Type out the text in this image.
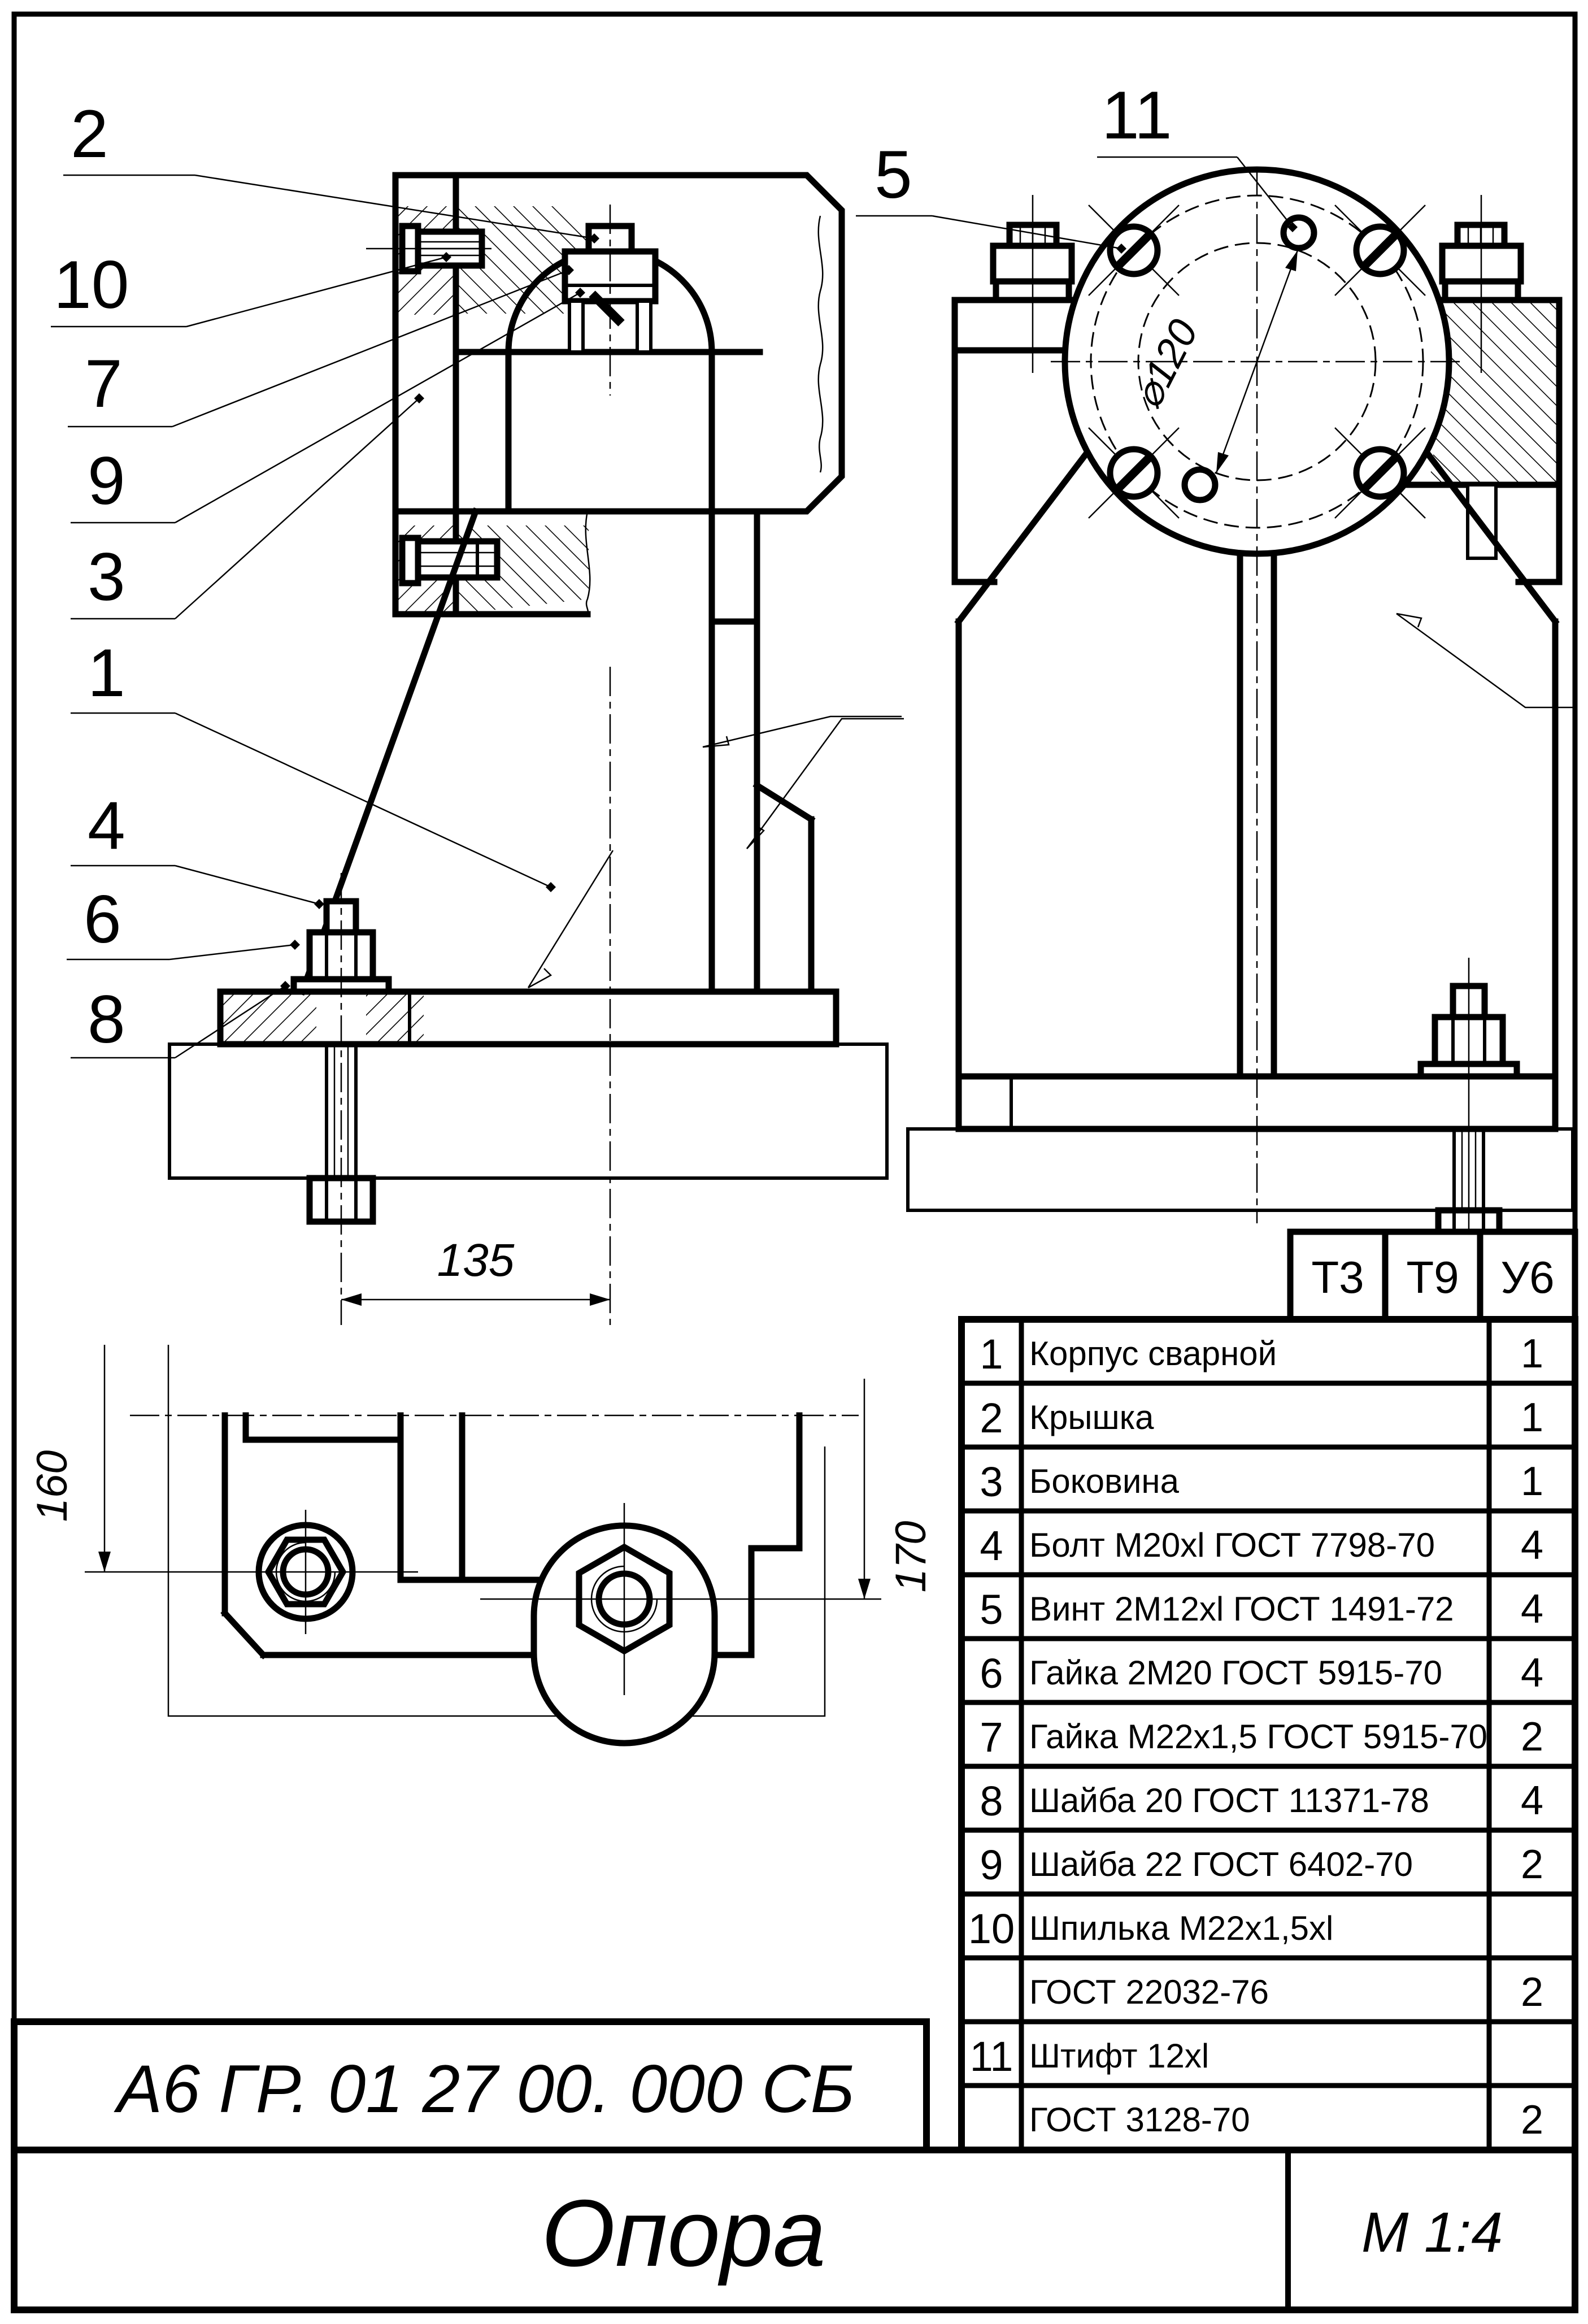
135
⌀120
160
170
2
10
7
9
3
1
4
6
8
5
11
Т3 Т9 У6
1 Корпус сварной	1
2 Крышка	1
3 Боковина	1
4 Болт М20хl ГОСТ 7798-70 4
5 Винт 2М12хl ГОСТ 1491-72 4
6 Гайка 2М20 ГОСТ 5915-70 4
7 Гайка М22х1,5 ГОСТ 5915-70 2
8 Шайба 20 ГОСТ 11371-78 4
9 Шайба 22 ГОСТ 6402-70	2
10 Шпилька М22х1,5хl
ГОСТ 22032-76	2
11 Штифт 12хl
ГОСТ 3128-70	2
А6 ГР. 01 27 00. 000 СБ
Опора	М 1:4
